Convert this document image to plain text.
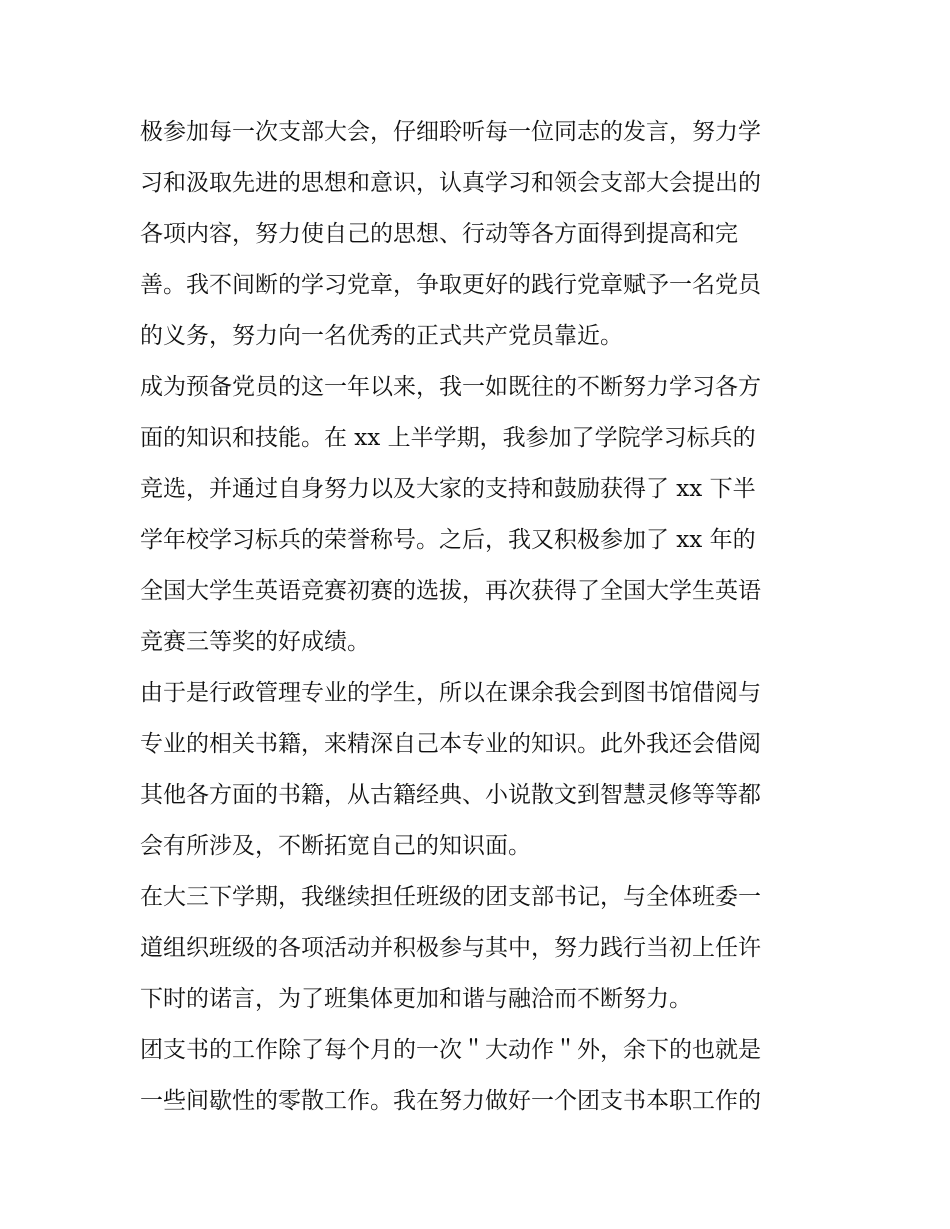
极参加每一次支部大会，仔细聆听每一位同志的发言，努力学
习和汲取先进的思想和意识，认真学习和领会支部大会提出的
各项内容，努力使自己的思想、行动等各方面得到提高和完
善。我不间断的学习党章，争取更好的践行党章赋予一名党员
的义务，努力向一名优秀的正式共产党员靠近。
成为预备党员的这一年以来，我一如既往的不断努力学习各方
面的知识和技能。在 xx 上半学期，我参加了学院学习标兵的
竞选，并通过自身努力以及大家的支持和鼓励获得了 xx 下半
学年校学习标兵的荣誉称号。之后，我又积极参加了 xx 年的
全国大学生英语竞赛初赛的选拔，再次获得了全国大学生英语
竞赛三等奖的好成绩。
由于是行政管理专业的学生，所以在课余我会到图书馆借阅与
专业的相关书籍，来精深自己本专业的知识。此外我还会借阅
其他各方面的书籍，从古籍经典、小说散文到智慧灵修等等都
会有所涉及，不断拓宽自己的知识面。
在大三下学期，我继续担任班级的团支部书记，与全体班委一
道组织班级的各项活动并积极参与其中，努力践行当初上任许
下时的诺言，为了班集体更加和谐与融洽而不断努力。
团支书的工作除了每个月的一次＂大动作＂外，余下的也就是
一些间歇性的零散工作。我在努力做好一个团支书本职工作的
